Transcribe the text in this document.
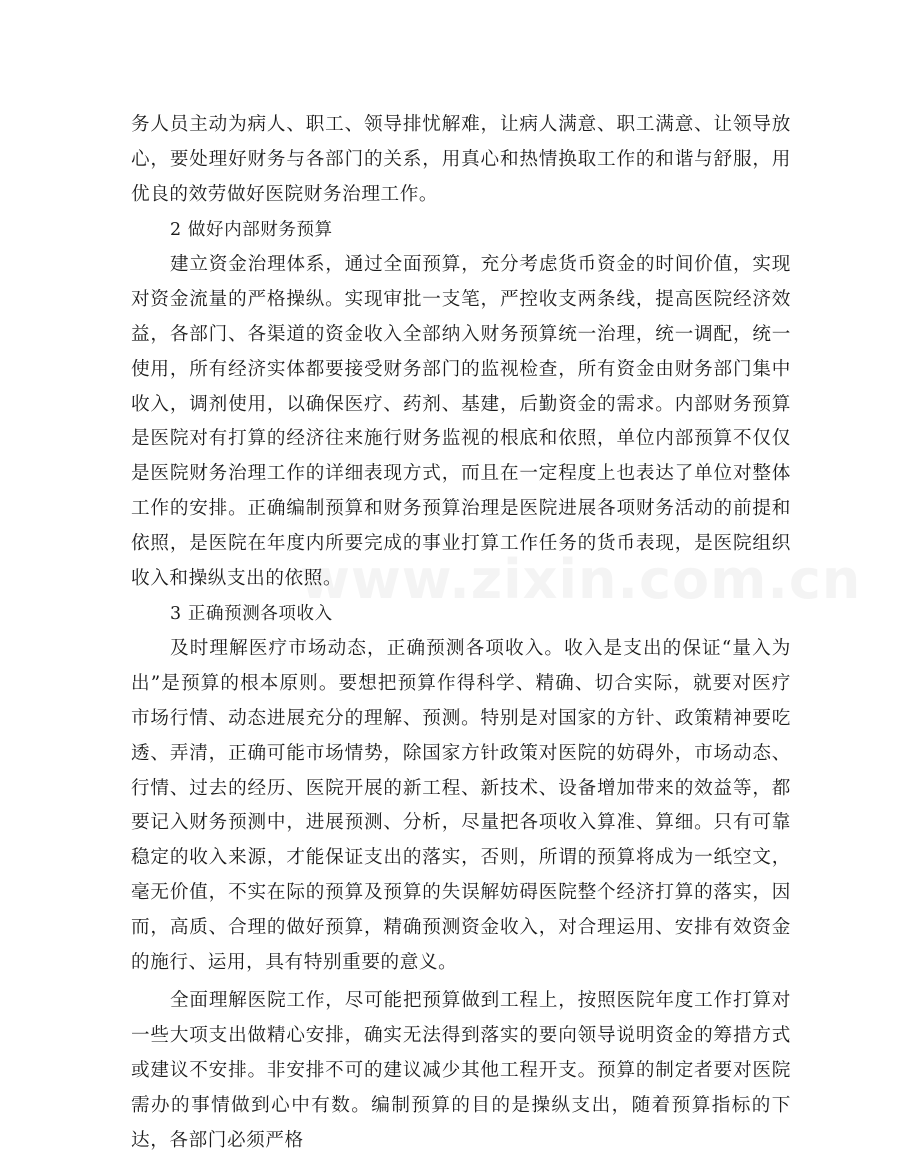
www.zixin.com.cn

务人员主动为病人、职工、领导排忧解难，让病人满意、职工满意、让领导放心，要处理好财务与各部门的关系，用真心和热情换取工作的和谐与舒服，用优良的效劳做好医院财务治理工作。

2 做好内部财务预算

建立资金治理体系，通过全面预算，充分考虑货币资金的时间价值，实现对资金流量的严格操纵。实现审批一支笔，严控收支两条线，提高医院经济效益，各部门、各渠道的资金收入全部纳入财务预算统一治理，统一调配，统一使用，所有经济实体都要接受财务部门的监视检查，所有资金由财务部门集中收入，调剂使用，以确保医疗、药剂、基建，后勤资金的需求。内部财务预算是医院对有打算的经济往来施行财务监视的根底和依照，单位内部预算不仅仅是医院财务治理工作的详细表现方式，而且在一定程度上也表达了单位对整体工作的安排。正确编制预算和财务预算治理是医院进展各项财务活动的前提和依照，是医院在年度内所要完成的事业打算工作任务的货币表现，是医院组织收入和操纵支出的依照。

3 正确预测各项收入

及时理解医疗市场动态，正确预测各项收入。收入是支出的保证“量入为出”是预算的根本原则。要想把预算作得科学、精确、切合实际，就要对医疗市场行情、动态进展充分的理解、预测。特别是对国家的方针、政策精神要吃透、弄清，正确可能市场情势，除国家方针政策对医院的妨碍外，市场动态、行情、过去的经历、医院开展的新工程、新技术、设备增加带来的效益等，都要记入财务预测中，进展预测、分析，尽量把各项收入算准、算细。只有可靠稳定的收入来源，才能保证支出的落实，否则，所谓的预算将成为一纸空文，毫无价值，不实在际的预算及预算的失误解妨碍医院整个经济打算的落实，因而，高质、合理的做好预算，精确预测资金收入，对合理运用、安排有效资金的施行、运用，具有特别重要的意义。

全面理解医院工作，尽可能把预算做到工程上，按照医院年度工作打算对一些大项支出做精心安排，确实无法得到落实的要向领导说明资金的筹措方式或建议不安排。非安排不可的建议减少其他工程开支。预算的制定者要对医院需办的事情做到心中有数。编制预算的目的是操纵支出，随着预算指标的下达，各部门必须严格
